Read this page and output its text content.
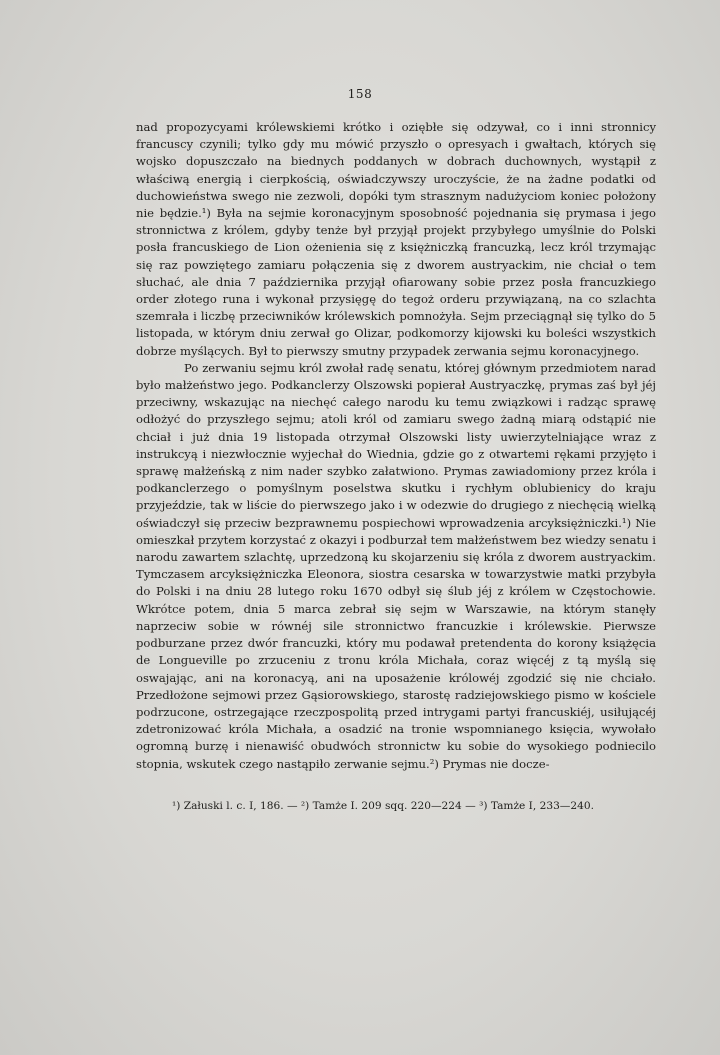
158

nad propozycyami królewskiemi krótko i oziębłe się odzywał, co i inni stronnicy francuscy czynili; tylko gdy mu mówić przyszło o opresyach i gwałtach, których się wojsko dopuszczało na biednych poddanych w dobrach duchownych, wystąpił z właściwą energią i cierpkością, oświadczywszy uroczyście, że na żadne podatki od duchowieństwa swego nie zezwoli, dopóki tym strasznym nadużyciom koniec położony nie będzie.¹) Była na sejmie koronacyjnym sposobność pojednania się prymasa i jego stronnictwa z królem, gdyby tenże był przyjął projekt przybyłego umyślnie do Polski posła francuskiego de Lion ożenienia się z księżniczką francuzką, lecz król trzymając się raz powziętego zamiaru połączenia się z dworem austryackim, nie chciał o tem słuchać, ale dnia 7 października przyjął ofiarowany sobie przez posła francuzkiego order złotego runa i wykonał przysięgę do tegoż orderu przywiązaną, na co szlachta szemrała i liczbę przeciwników królewskich pomnożyła. Sejm przeciągnął się tylko do 5 listopada, w którym dniu zerwał go Olizar, podkomorzy kijowski ku boleści wszystkich dobrze myślących. Był to pierwszy smutny przypadek zerwania sejmu koronacyjnego.

Po zerwaniu sejmu król zwołał radę senatu, której głównym przedmiotem narad było małżeństwo jego. Podkanclerzy Olszowski popierał Austryaczkę, prymas zaś był jéj przeciwny, wskazując na niechęć całego narodu ku temu związkowi i radząc sprawę odłożyć do przyszłego sejmu; atoli król od zamiaru swego żadną miarą odstąpić nie chciał i już dnia 19 listopada otrzymał Olszowski listy uwierzytelniające wraz z instrukcyą i niezwłocznie wyjechał do Wiednia, gdzie go z otwartemi rękami przyjęto i sprawę małżeńską z nim nader szybko załatwiono. Prymas zawiadomiony przez króla i podkanclerzego o pomyślnym poselstwa skutku i rychłym oblubienicy do kraju przyjeździe, tak w liście do pierwszego jako i w odezwie do drugiego z niechęcią wielką oświadczył się przeciw bezprawnemu pospiechowi wprowadzenia arcyksiężniczki.¹) Nie omieszkał przytem korzystać z okazyi i podburzał tem małżeństwem bez wiedzy senatu i narodu zawartem szlachtę, uprzedzoną ku skojarzeniu się króla z dworem austryackim. Tymczasem arcyksiężniczka Eleonora, siostra cesarska w towarzystwie matki przybyła do Polski i na dniu 28 lutego roku 1670 odbył się ślub jéj z królem w Częstochowie. Wkrótce potem, dnia 5 marca zebrał się sejm w Warszawie, na którym stanęły naprzeciw sobie w równéj sile stronnictwo francuzkie i królewskie. Pierwsze podburzane przez dwór francuzki, który mu podawał pretendenta do korony książęcia de Longueville po zrzuceniu z tronu króla Michała, coraz więcéj z tą myślą się oswajając, ani na koronacyą, ani na uposażenie królowéj zgodzić się nie chciało. Przedłożone sejmowi przez Gąsiorowskiego, starostę radziejowskiego pismo w kościele podrzucone, ostrzegające rzeczpospolitą przed intrygami partyi francuskiéj, usiłującéj zdetronizować króla Michała, a osadzić na tronie wspomnianego księcia, wywołało ogromną burzę i nienawiść obudwóch stronnictw ku sobie do wysokiego podniecilo stopnia, wskutek czego nastąpiło zerwanie sejmu.²) Prymas nie docze-

¹) Załuski l. c. I, 186. — ²) Tamże I. 209 sqq. 220—224 — ³) Tamże I, 233—240.
